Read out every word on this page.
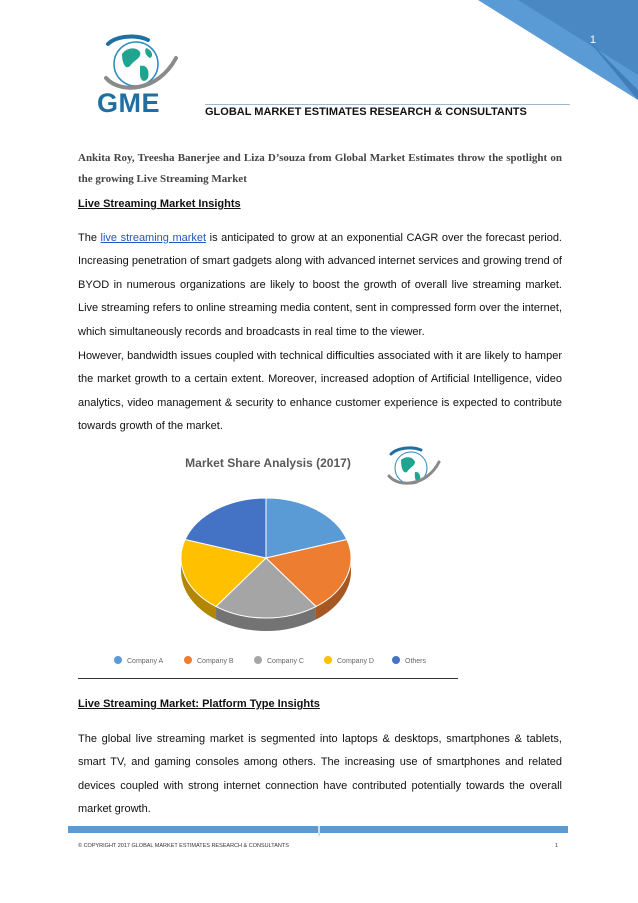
1
GME	GLOBAL MARKET ESTIMATES RESEARCH & CONSULTANTS
Ankita Roy, Treesha Banerjee and Liza D’souza from Global Market Estimates throw the spotlight on the growing Live Streaming Market
Live Streaming Market Insights
The live streaming market is anticipated to grow at an exponential CAGR over the forecast period. Increasing penetration of smart gadgets along with advanced internet services and growing trend of BYOD in numerous organizations are likely to boost the growth of overall live streaming market. Live streaming refers to online streaming media content, sent in compressed form over the internet, which simultaneously records and broadcasts in real time to the viewer.
However, bandwidth issues coupled with technical difficulties associated with it are likely to hamper the market growth to a certain extent. Moreover, increased adoption of Artificial Intelligence, video analytics, video management & security to enhance customer experience is expected to contribute towards growth of the market.
Market Share Analysis (2017)
Company A	Company B	Company C	Company D	Others
Live Streaming Market: Platform Type Insights
The global live streaming market is segmented into laptops & desktops, smartphones & tablets, smart TV, and gaming consoles among others. The increasing use of smartphones and related devices coupled with strong internet connection have contributed potentially towards the overall market growth.
© COPYRIGHT 2017 GLOBAL MARKET ESTIMATES RESEARCH & CONSULTANTS	1
